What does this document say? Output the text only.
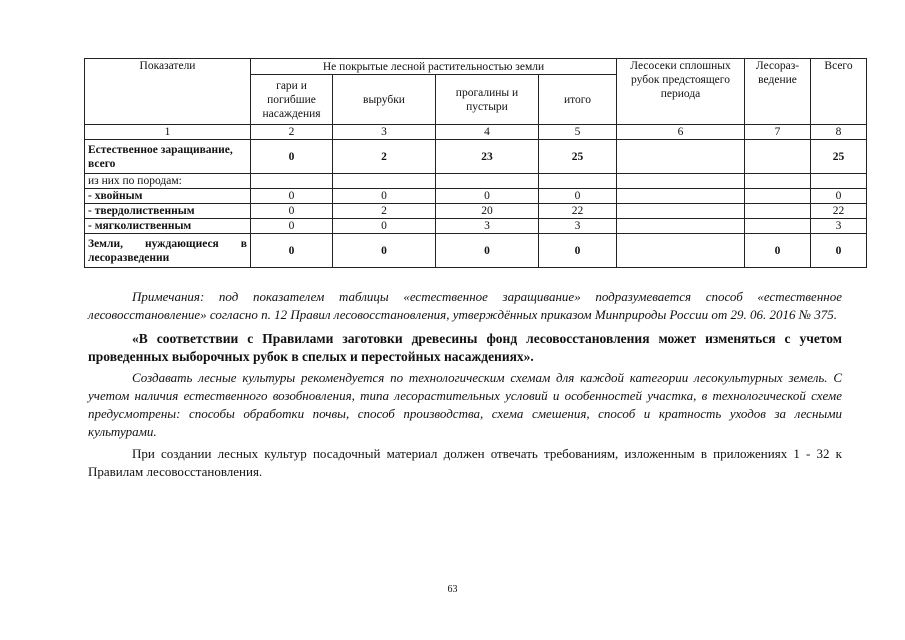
Показатели	Не покрытые лесной растительностью земли				Лесосеки сплошных рубок предстоящего периода	Лесораз-ведение	Всего
	гари и погибшие насаждения	вырубки	прогалины и пустыри	итого			
1	2	3	4	5	6	7	8
Естественное заращивание, всего	0	2	23	25			25
из них по породам:							
- хвойным	0	0	0	0			0
- твердолиственным	0	2	20	22			22
- мягколиственным	0	0	3	3			3

Земли, нуждающиеся в
лесоразведении	0	0	0	0		0	0

Примечания: под показателем таблицы «естественное заращивание» подразумевается способ «естественное лесовосстановление» согласно п. 12 Правил лесовосстановления, утверждённых приказом Минприроды России от 29. 06. 2016 № 375.

«В соответствии с Правилами заготовки древесины фонд лесовосстановления может изменяться с учетом проведенных выборочных рубок в спелых и перестойных насаждениях».

Создавать лесные культуры рекомендуется по технологическим схемам для каждой категории лесокультурных земель. С учетом наличия естественного возобновления, типа лесорастительных условий и особенностей участка, в технологической схеме предусмотрены: способы обработки почвы, способ производства, схема смешения, способ и кратность уходов за лесными культурами.

При создании лесных культур посадочный материал должен отвечать требованиям, изложенным в приложениях 1 - 32 к Правилам лесовосстановления.

63
